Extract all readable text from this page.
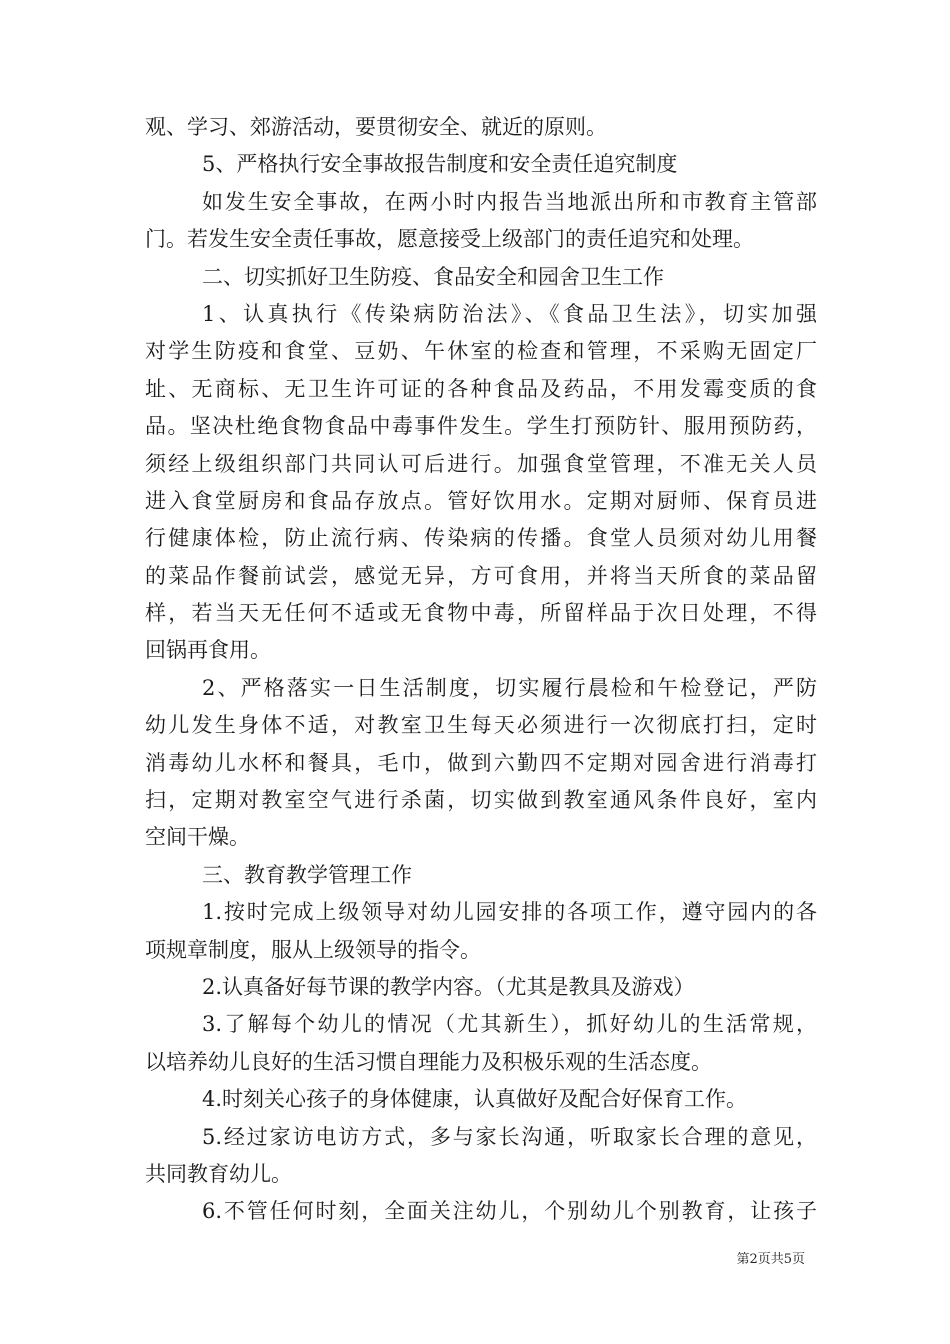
观、学习、郊游活动，要贯彻安全、就近的原则。
5、严格执行安全事故报告制度和安全责任追究制度
如发生安全事故，在两小时内报告当地派出所和市教育主管部
门。若发生安全责任事故，愿意接受上级部门的责任追究和处理。
二、切实抓好卫生防疫、食品安全和园舍卫生工作
1、认真执行《传染病防治法》、《食品卫生法》，切实加强
对学生防疫和食堂、豆奶、午休室的检查和管理，不采购无固定厂
址、无商标、无卫生许可证的各种食品及药品，不用发霉变质的食
品。坚决杜绝食物食品中毒事件发生。学生打预防针、服用预防药，
须经上级组织部门共同认可后进行。加强食堂管理，不准无关人员
进入食堂厨房和食品存放点。管好饮用水。定期对厨师、保育员进
行健康体检，防止流行病、传染病的传播。食堂人员须对幼儿用餐
的菜品作餐前试尝，感觉无异，方可食用，并将当天所食的菜品留
样，若当天无任何不适或无食物中毒，所留样品于次日处理，不得
回锅再食用。
2、严格落实一日生活制度，切实履行晨检和午检登记，严防
幼儿发生身体不适，对教室卫生每天必须进行一次彻底打扫，定时
消毒幼儿水杯和餐具，毛巾，做到六勤四不定期对园舍进行消毒打
扫，定期对教室空气进行杀菌，切实做到教室通风条件良好，室内
空间干燥。
三、教育教学管理工作
1.按时完成上级领导对幼儿园安排的各项工作，遵守园内的各
项规章制度，服从上级领导的指令。
2.认真备好每节课的教学内容。（尤其是教具及游戏）
3.了解每个幼儿的情况（尤其新生），抓好幼儿的生活常规，
以培养幼儿良好的生活习惯自理能力及积极乐观的生活态度。
4.时刻关心孩子的身体健康，认真做好及配合好保育工作。
5.经过家访电访方式，多与家长沟通，听取家长合理的意见，
共同教育幼儿。
6.不管任何时刻，全面关注幼儿，个别幼儿个别教育，让孩子
第2页共5页
